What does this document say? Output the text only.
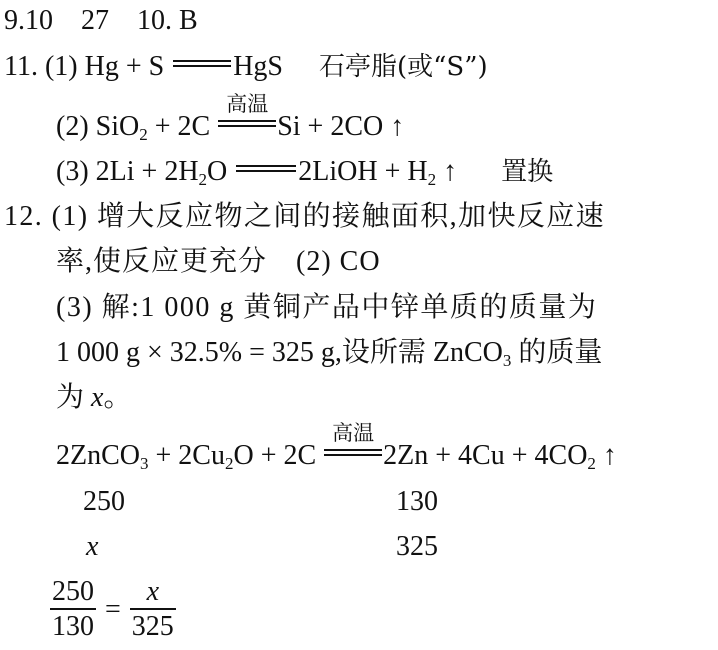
9.10　27　10. B
11. (1) Hg + S HgS 石亭脂(或“S”)
(2) SiO$_2$ + 2C
高温
Si + 2CO ↑
(3) $2Li + 2H_2O$	2LiOH + $H_2$ ↑ 置换
12. (1) 增大反应物之间的接触面积,加快反应速
率,使反应更充分　(2) CO
(3) 解:1 000 g 黄铜产品中锌单质的质量为
1 000 g × 32.5% = 325 g,设所需 ZnCO$_3$ 的质量
为 x。
2ZnCO$_3$ + $2Cu_2O + 2C$
高温
$2Zn + 4Cu + 4CO_2$ ↑
250	130
x	325
$\frac{250}{130} = \frac{x}{325}$
